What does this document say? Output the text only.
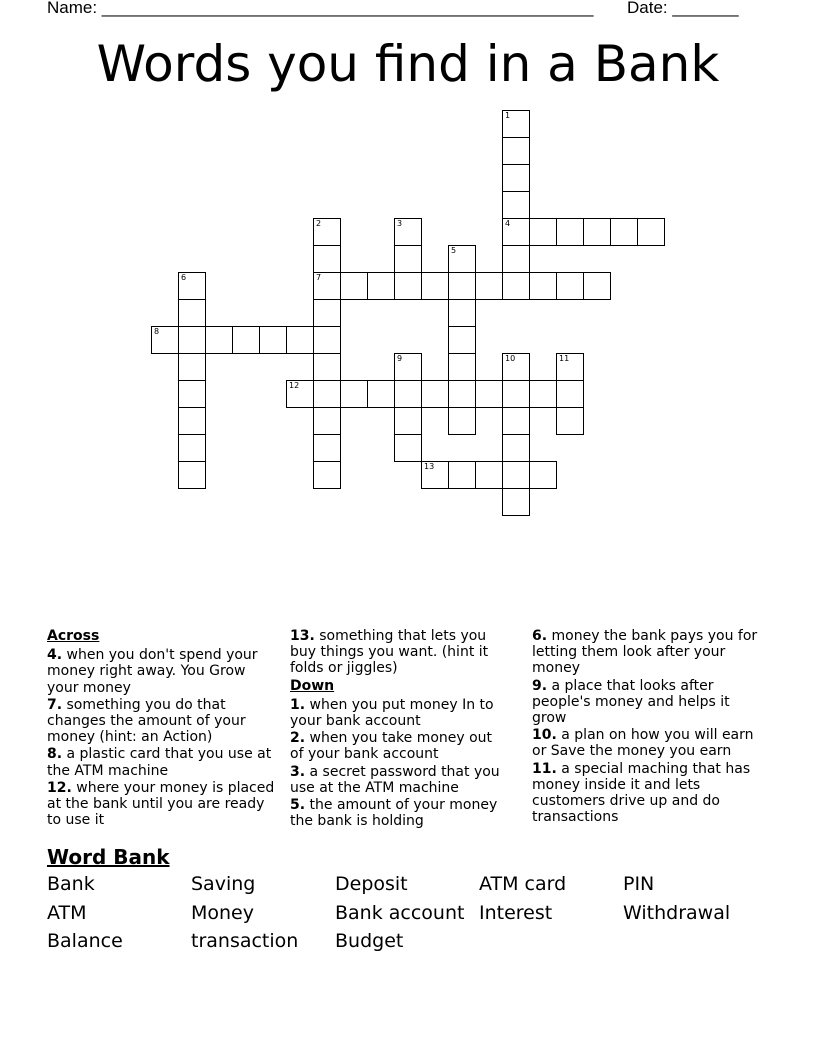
Name: ____________________________________________________ Date: _______
Words you find in a Bank
1
4
2
7
3
5
6
8
9	10	11
12
13
Across
4. when you don't spend your money right away. You Grow your money
7. something you do that changes the amount of your money (hint: an Action)
8. a plastic card that you use at the ATM machine
12. where your money is placed at the bank until you are ready to use it
13. something that lets you buy things you want. (hint it folds or jiggles)
Down
1. when you put money In to your bank account
2. when you take money out of your bank account
3. a secret password that you use at the ATM machine
5. the amount of your money the bank is holding
6. money the bank pays you for letting them look after your money
9. a place that looks after people's money and helps it grow
10. a plan on how you will earn or Save the money you earn
11. a special maching that has money inside it and lets customers drive up and do transactions
Word Bank
Bank	Saving	Deposit	ATM card	PIN
ATM	Money	Bank account Interest	Withdrawal
Balance	transaction	Budget
